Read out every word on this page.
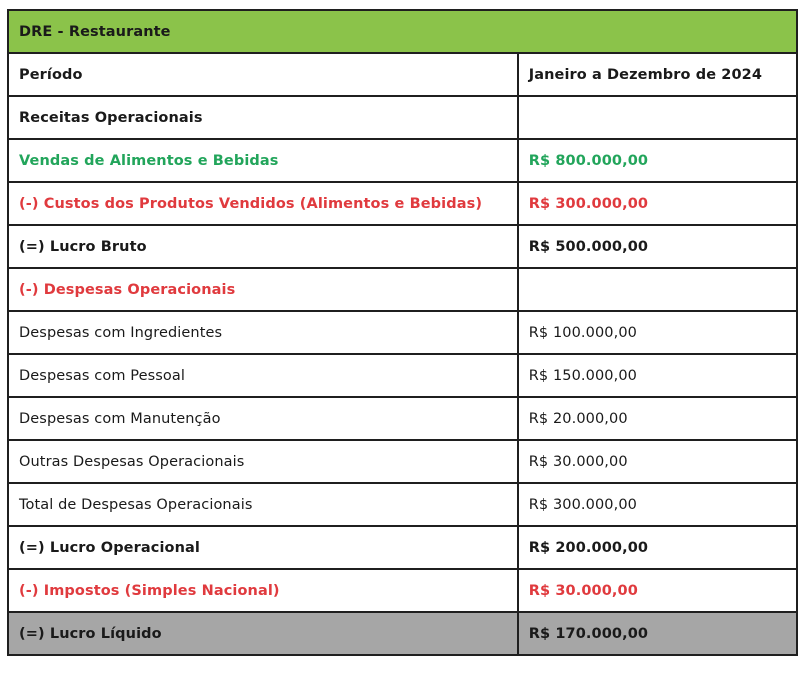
DRE - Restaurante	
Período	Janeiro a Dezembro de 2024
Receitas Operacionais	
Vendas de Alimentos e Bebidas	R$ 800.000,00
(-) Custos dos Produtos Vendidos (Alimentos e Bebidas)	R$ 300.000,00
(=) Lucro Bruto	R$ 500.000,00
(-) Despesas Operacionais	
Despesas com Ingredientes	R$ 100.000,00
Despesas com Pessoal	R$ 150.000,00
Despesas com Manutenção	R$ 20.000,00
Outras Despesas Operacionais	R$ 30.000,00
Total de Despesas Operacionais	R$ 300.000,00
(=) Lucro Operacional	R$ 200.000,00
(-) Impostos (Simples Nacional)	R$ 30.000,00
(=) Lucro Líquido	R$ 170.000,00
